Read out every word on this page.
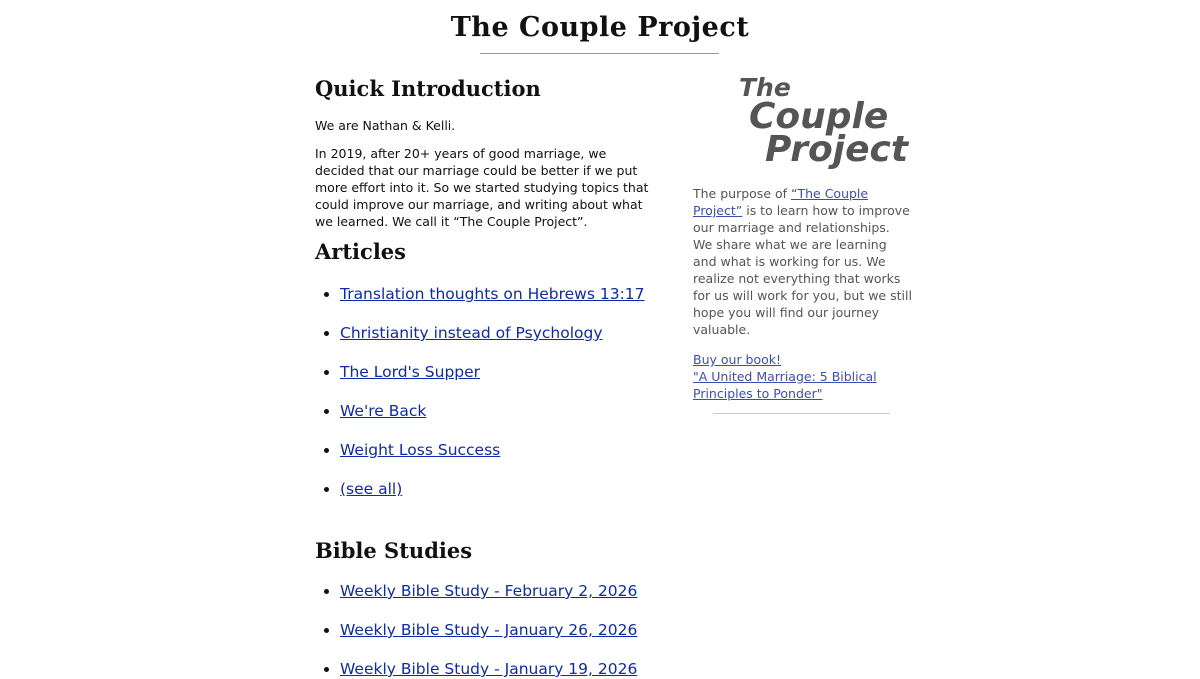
The Couple Project
Quick Introduction

We are Nathan & Kelli.

In 2019, after 20+ years of good marriage, we decided that our marriage could be better if we put more effort into it. So we started studying topics that could improve our marriage, and writing about what we learned. We call it “The Couple Project”.

Articles
• Translation thoughts on Hebrews 13:17
• Christianity instead of Psychology
• The Lord's Supper
• We're Back
• Weight Loss Success
• (see all)
Bible Studies
• Weekly Bible Study - February 2, 2026
• Weekly Bible Study - January 26, 2026
• Weekly Bible Study - January 19, 2026
The
Couple
Project

The purpose of “The Couple Project” is to learn how to improve our marriage and relationships. We share what we are learning and what is working for us. We realize not everything that works for us will work for you, but we still hope you will find our journey valuable.

Buy our book!
"A United Marriage: 5 Biblical Principles to Ponder"
